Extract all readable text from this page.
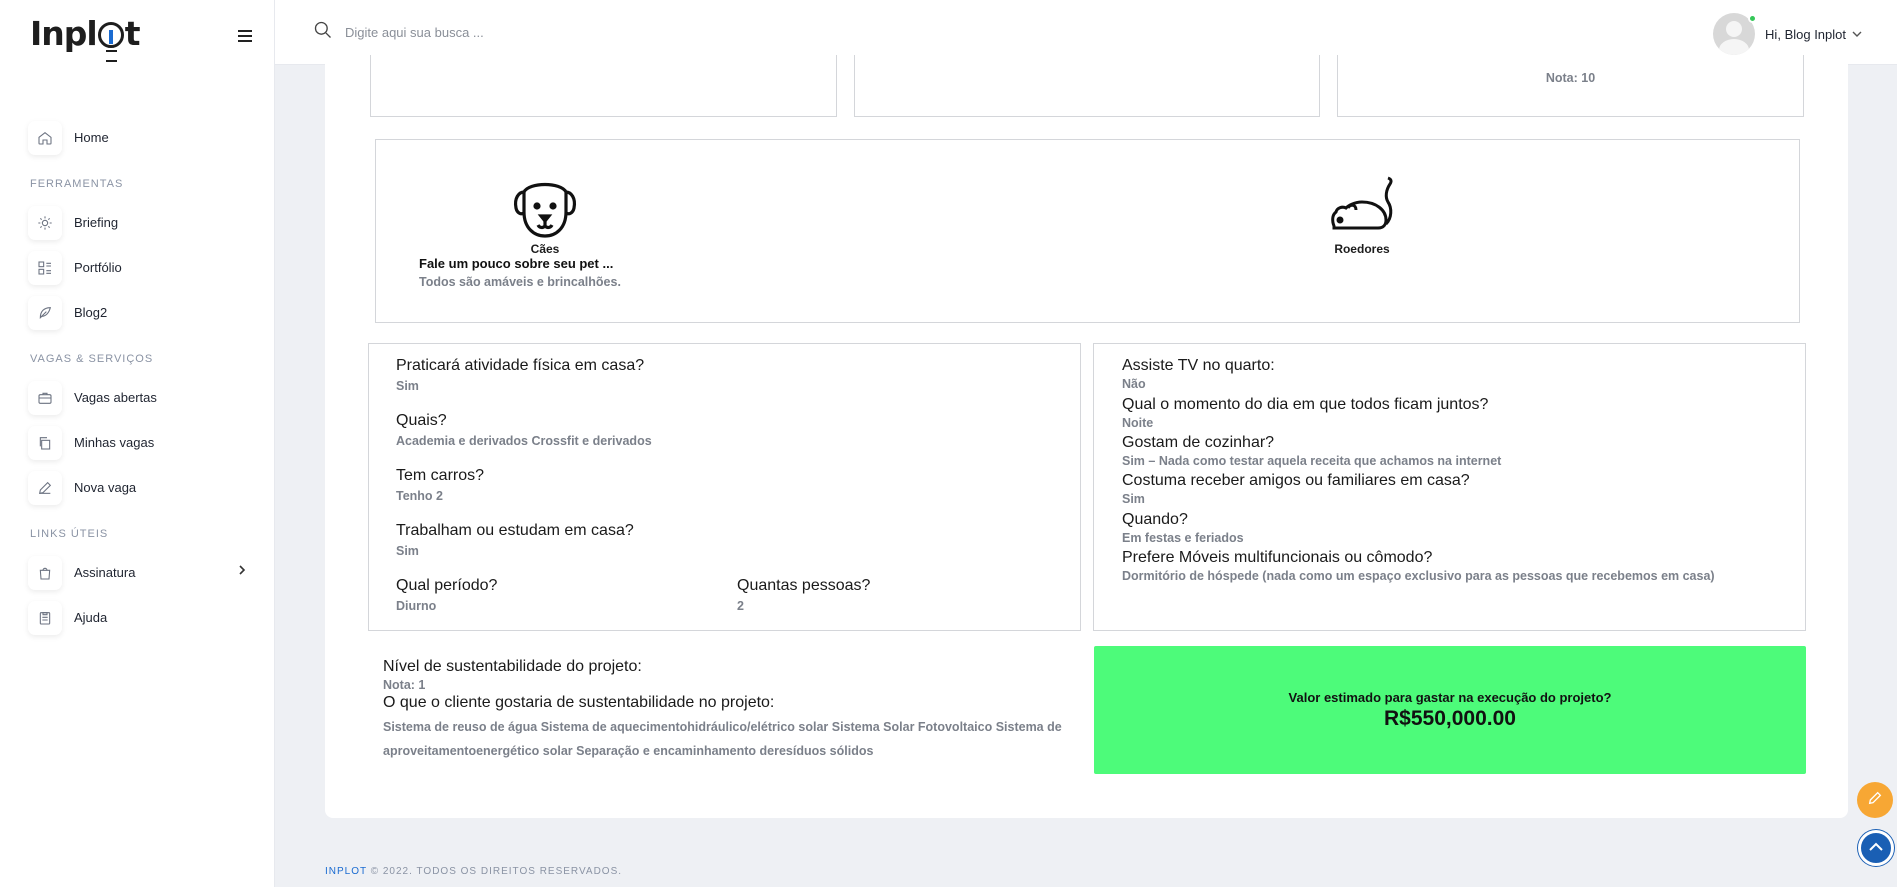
Inpl t
Home
FERRAMENTAS
Briefing
Portfólio
Blog2
VAGAS & SERVIÇOS
Vagas abertas
Minhas vagas
Nova vaga
LINKS ÚTEIS
Assinatura
Ajuda
Digite aqui sua busca ...
Hi, Blog Inplot
Nota: 10
Cães
Fale um pouco sobre seu pet ...
Todos são amáveis e brincalhões.
Roedores
Praticará atividade física em casa?
Sim
Quais?
Academia e derivados Crossfit e derivados
Tem carros?
Tenho 2
Trabalham ou estudam em casa?
Sim
Qual período?
Diurno
Quantas pessoas?
2
Assiste TV no quarto:
Não
Qual o momento do dia em que todos ficam juntos?
Noite
Gostam de cozinhar?
Sim – Nada como testar aquela receita que achamos na internet
Costuma receber amigos ou familiares em casa?
Sim
Quando?
Em festas e feriados
Prefere Móveis multifuncionais ou cômodo?
Dormitório de hóspede (nada como um espaço exclusivo para as pessoas que recebemos em casa)
Nível de sustentabilidade do projeto:
Nota: 1
O que o cliente gostaria de sustentabilidade no projeto:
Sistema de reuso de água Sistema de aquecimentohidráulico/elétrico solar Sistema Solar Fotovoltaico Sistema de aproveitamentoenergético solar Separação e encaminhamento deresíduos sólidos
Valor estimado para gastar na execução do projeto?
R$550,000.00
INPLOT © 2022. TODOS OS DIREITOS RESERVADOS.
